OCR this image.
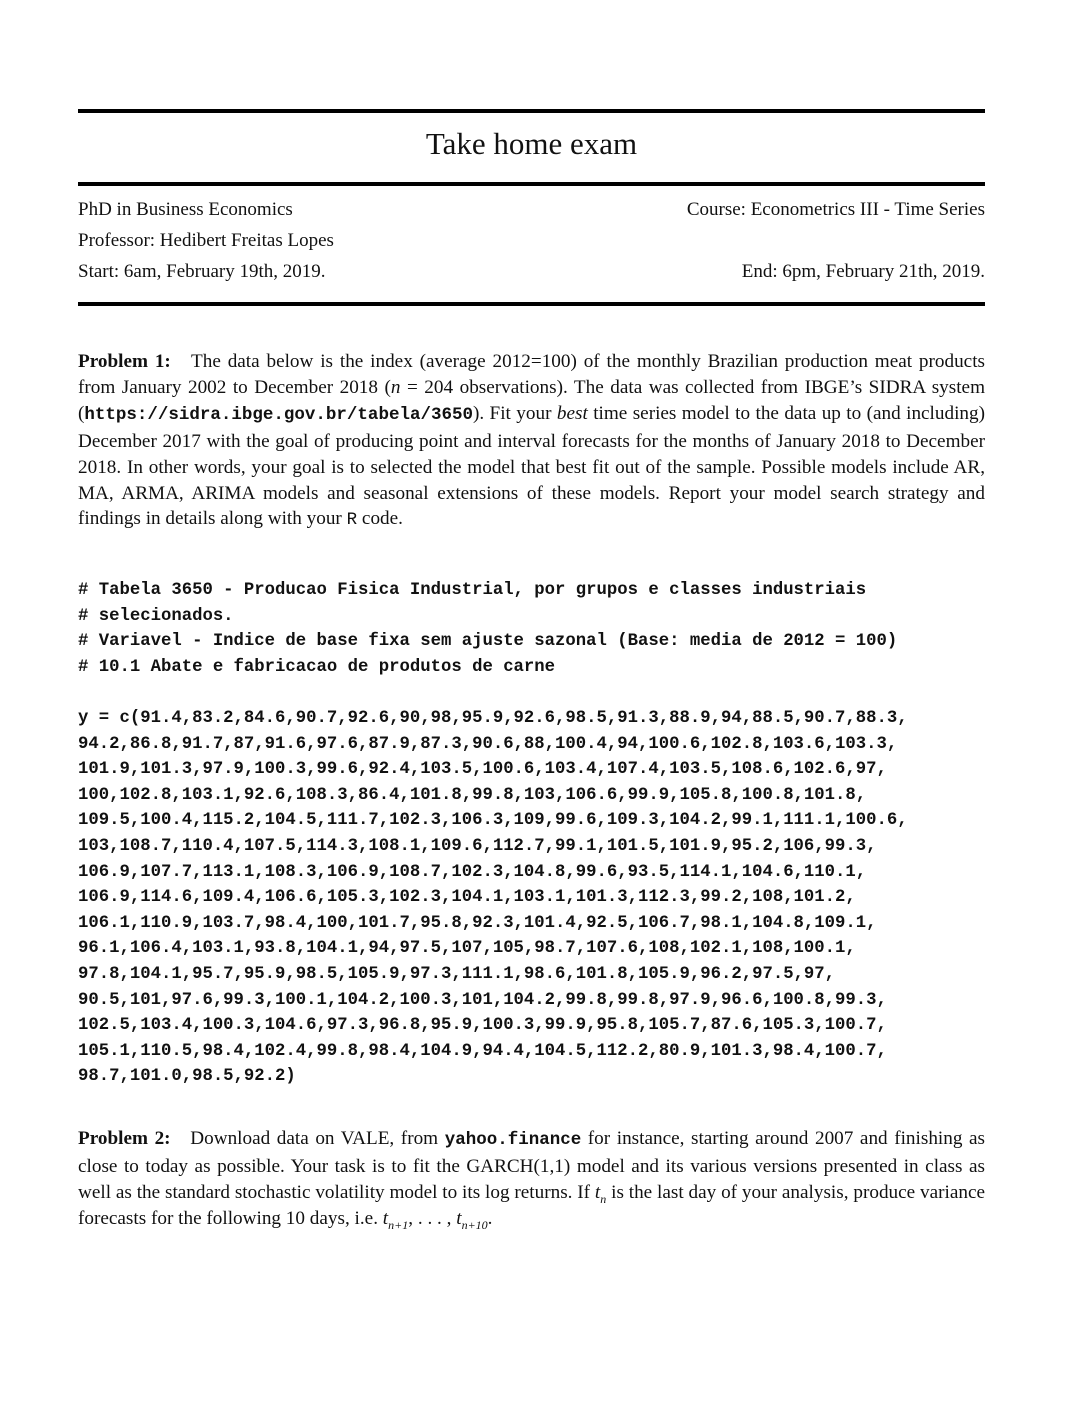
Take home exam
PhD in Business Economics	Course: Econometrics III - Time Series
Professor: Hedibert Freitas Lopes
Start: 6am, February 19th, 2019.	End: 6pm, February 21th, 2019.
Problem 1: The data below is the index (average 2012=100) of the monthly Brazilian production meat products from January 2002 to December 2018 (n = 204 observations). The data was collected from IBGE’s SIDRA system (https://sidra.ibge.gov.br/tabela/3650). Fit your best time series model to the data up to (and including) December 2017 with the goal of producing point and interval forecasts for the months of January 2018 to December 2018. In other words, your goal is to selected the model that best fit out of the sample. Possible models include AR, MA, ARMA, ARIMA models and seasonal extensions of these models. Report your model search strategy and findings in details along with your R code.
# Tabela 3650 - Producao Fisica Industrial, por grupos e classes industriais
# selecionados.
# Variavel - Indice de base fixa sem ajuste sazonal (Base: media de 2012 = 100)
# 10.1 Abate e fabricacao de produtos de carne
y = c(91.4,83.2,84.6,90.7,92.6,90,98,95.9,92.6,98.5,91.3,88.9,94,88.5,90.7,88.3,
94.2,86.8,91.7,87,91.6,97.6,87.9,87.3,90.6,88,100.4,94,100.6,102.8,103.6,103.3,
101.9,101.3,97.9,100.3,99.6,92.4,103.5,100.6,103.4,107.4,103.5,108.6,102.6,97,
100,102.8,103.1,92.6,108.3,86.4,101.8,99.8,103,106.6,99.9,105.8,100.8,101.8,
109.5,100.4,115.2,104.5,111.7,102.3,106.3,109,99.6,109.3,104.2,99.1,111.1,100.6,
103,108.7,110.4,107.5,114.3,108.1,109.6,112.7,99.1,101.5,101.9,95.2,106,99.3,
106.9,107.7,113.1,108.3,106.9,108.7,102.3,104.8,99.6,93.5,114.1,104.6,110.1,
106.9,114.6,109.4,106.6,105.3,102.3,104.1,103.1,101.3,112.3,99.2,108,101.2,
106.1,110.9,103.7,98.4,100,101.7,95.8,92.3,101.4,92.5,106.7,98.1,104.8,109.1,
96.1,106.4,103.1,93.8,104.1,94,97.5,107,105,98.7,107.6,108,102.1,108,100.1,
97.8,104.1,95.7,95.9,98.5,105.9,97.3,111.1,98.6,101.8,105.9,96.2,97.5,97,
90.5,101,97.6,99.3,100.1,104.2,100.3,101,104.2,99.8,99.8,97.9,96.6,100.8,99.3,
102.5,103.4,100.3,104.6,97.3,96.8,95.9,100.3,99.9,95.8,105.7,87.6,105.3,100.7,
105.1,110.5,98.4,102.4,99.8,98.4,104.9,94.4,104.5,112.2,80.9,101.3,98.4,100.7,
98.7,101.0,98.5,92.2)
Problem 2: Download data on VALE, from yahoo.finance for instance, starting around 2007 and finishing as close to today as possible. Your task is to fit the GARCH(1,1) model and its various versions presented in class as well as the standard stochastic volatility model to its log returns. If $t_n$ is the last day of your analysis, produce variance forecasts for the following 10 days, i.e. $t_{n+1}$, . . . , $t_{n+10}$.
